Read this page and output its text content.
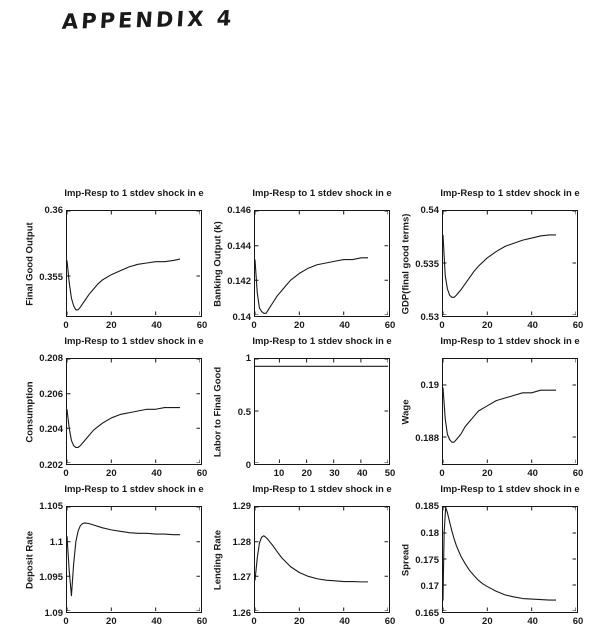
APPENDIX 4
Imp-Resp to 1 stdev shock in e
Final Good Output
0.36
0.355
0	20	40	60
Imp-Resp to 1 stdev shock in e
Banking Output (k)
0.146
0.144
0.142
0.14
0	20	40	60
Imp-Resp to 1 stdev shock in e
GDP(final good terms)
0.54
0.535
0.53
0	20	40	60
Imp-Resp to 1 stdev shock in e
Consumption
0.208
0.206
0.204
0.202
0	20	40	60
Imp-Resp to 1 stdev shock in e
Labor to Final Good
1
0.5
0
10	20	30	40	50
Imp-Resp to 1 stdev shock in e
Wage
0.19
0.188
0	20	40	60
Imp-Resp to 1 stdev shock in e
Deposit Rate
1.105
1.1
1.095
1.09
0	20	40	60
Imp-Resp to 1 stdev shock in e
Lending Rate
1.29
1.28
1.27
1.26
0	20	40	60
Imp-Resp to 1 stdev shock in e
Spread
0.185
0.18
0.175
0.17
0.165
0	20	40	60
